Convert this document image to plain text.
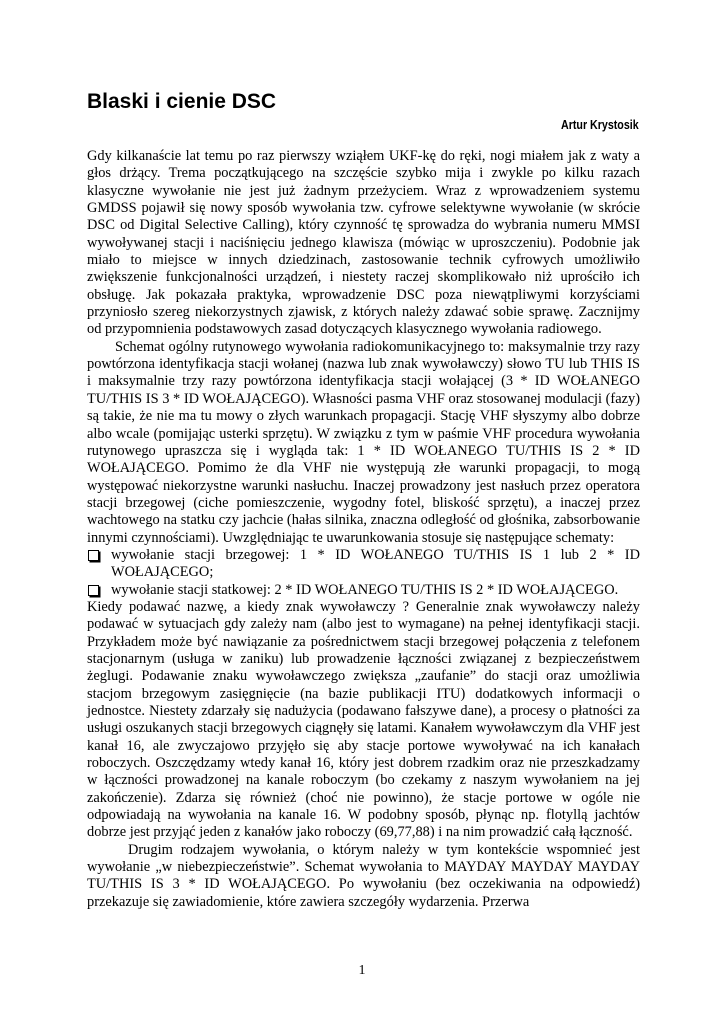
Blaski i cienie DSC
Artur Krystosik

Gdy kilkanaście lat temu po raz pierwszy wziąłem UKF-kę do ręki, nogi miałem jak z waty a głos drżący. Trema początkującego na szczęście szybko mija i zwykle po kilku razach klasyczne wywołanie nie jest już żadnym przeżyciem. Wraz z wprowadzeniem systemu GMDSS pojawił się nowy sposób wywołania tzw. cyfrowe selektywne wywołanie (w skrócie DSC od Digital Selective Calling), który czynność tę sprowadza do wybrania numeru MMSI wywoływanej stacji i naciśnięciu jednego klawisza (mówiąc w uproszczeniu). Podobnie jak miało to miejsce w innych dziedzinach, zastosowanie technik cyfrowych umożliwiło zwiększenie funkcjonalności urządzeń, i niestety raczej skomplikowało niż uprościło ich obsługę. Jak pokazała praktyka, wprowadzenie DSC poza niewątpliwymi korzyściami przyniosło szereg niekorzystnych zjawisk, z których należy zdawać sobie sprawę. Zacznijmy od przypomnienia podstawowych zasad dotyczących klasycznego wywołania radiowego.

Schemat ogólny rutynowego wywołania radiokomunikacyjnego to: maksymalnie trzy razy powtórzona identyfikacja stacji wołanej (nazwa lub znak wywoławczy) słowo TU lub THIS IS i maksymalnie trzy razy powtórzona identyfikacja stacji wołającej (3 * ID WOŁANEGO TU/THIS IS 3 * ID WOŁAJĄCEGO). Własności pasma VHF oraz stosowanej modulacji (fazy) są takie, że nie ma tu mowy o złych warunkach propagacji. Stację VHF słyszymy albo dobrze albo wcale (pomijając usterki sprzętu). W związku z tym w paśmie VHF procedura wywołania rutynowego upraszcza się i wygląda tak: 1 * ID WOŁANEGO TU/THIS IS 2 * ID WOŁAJĄCEGO. Pomimo że dla VHF nie występują złe warunki propagacji, to mogą występować niekorzystne warunki nasłuchu. Inaczej prowadzony jest nasłuch przez operatora stacji brzegowej (ciche pomieszczenie, wygodny fotel, bliskość sprzętu), a inaczej przez wachtowego na statku czy jachcie (hałas silnika, znaczna odległość od głośnika, zabsorbowanie innymi czynnościami). Uwzględniając te uwarunkowania stosuje się następujące schematy:

wywołanie stacji brzegowej: 1 * ID WOŁANEGO TU/THIS IS 1 lub 2 * ID WOŁAJĄCEGO;
wywołanie stacji statkowej: 2 * ID WOŁANEGO TU/THIS IS 2 * ID WOŁAJĄCEGO.

Kiedy podawać nazwę, a kiedy znak wywoławczy ? Generalnie znak wywoławczy należy podawać w sytuacjach gdy zależy nam (albo jest to wymagane) na pełnej identyfikacji stacji. Przykładem może być nawiązanie za pośrednictwem stacji brzegowej połączenia z telefonem stacjonarnym (usługa w zaniku) lub prowadzenie łączności związanej z bezpieczeństwem żeglugi. Podawanie znaku wywoławczego zwiększa „zaufanie” do stacji oraz umożliwia stacjom brzegowym zasięgnięcie (na bazie publikacji ITU) dodatkowych informacji o jednostce. Niestety zdarzały się nadużycia (podawano fałszywe dane), a procesy o płatności za usługi oszukanych stacji brzegowych ciągnęły się latami. Kanałem wywoławczym dla VHF jest kanał 16, ale zwyczajowo przyjęło się aby stacje portowe wywoływać na ich kanałach roboczych. Oszczędzamy wtedy kanał 16, który jest dobrem rzadkim oraz nie przeszkadzamy w łączności prowadzonej na kanale roboczym (bo czekamy z naszym wywołaniem na jej zakończenie). Zdarza się również (choć nie powinno), że stacje portowe w ogóle nie odpowiadają na wywołania na kanale 16. W podobny sposób, płynąc np. flotyllą jachtów dobrze jest przyjąć jeden z kanałów jako roboczy (69,77,88) i na nim prowadzić całą łączność.

Drugim rodzajem wywołania, o którym należy w tym kontekście wspomnieć jest wywołanie „w niebezpieczeństwie”. Schemat wywołania to MAYDAY MAYDAY MAYDAY TU/THIS IS 3 * ID WOŁAJĄCEGO. Po wywołaniu (bez oczekiwania na odpowiedź) przekazuje się zawiadomienie, które zawiera szczegóły wydarzenia. Przerwa

1
